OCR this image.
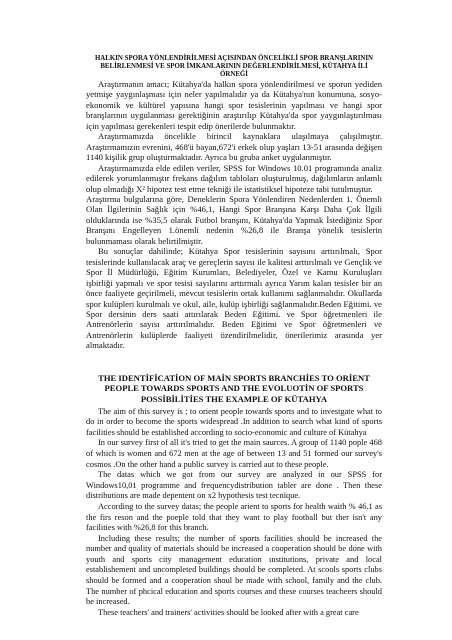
HALKIN SPORA YÖNLENDİRİLMESİ AÇISINDAN ÖNCELİKLİ SPOR BRANŞLARININ BELİRLENMESİ VE SPOR İMKANLARININ DEĞERLENDİRİLMESİ, KÜTAHYA İLİ ÖRNEĞİ

Araştırmanın amacı; Kütahya'da halkın spora yönlendirilmesi ve sporun yediden yetmişe yaygınlaşması için neler yapılmalıdır ya da Kütahya'nın konumuna, sosyo-ekonomik ve kültürel yapısına hangi spor tesislerinin yapılması ve hangi spor branşlarının uygulanması gerektiğinin araştırılıp Kütahya'da spor yaygınlaştırılması için yapılması gerekenleri tespit edip önerilerde bulunmaktır.

Araştırmamızda öncelikle birincil kaynaklara ulaşılmaya çalışılmıştır. Araştırmamızın evrenini, 468'ü bayan,672'i erkek olup yaşları 13-51 arasında değişen 1140 kişilik grup oluşturmaktadır. Ayrıca bu gruba anket uygulanmıştır.

Araştırmamızda elde edilen veriler, SPSS for Windows 10.01 programında analiz edilerek yorumlanmıştır frekans dağılım tabloları oluşturulmuş, dağılımların anlamlı olup olmadığı X² hipotez test etme tekniği ile istatistiksel hipoteze tabi tutulmuştur.

Araştırma bulgularına göre, Deneklerin Spora Yönlendiren Nedenlerden 1. Önemli Olan İlgilerinin Sağlık için %46,1, Hangi Spor Branşına Karşı Daha Çok İlgili olduklarında ise %35,5 olarak Futbol branşını, Kütahya'da Yapmak İstediğiniz Spor Branşını Engelleyen 1.önemli nedenin %26,8 ile Branşa yönelik tesislerin bulunmaması olarak belirtilmiştir.

Bu sonuçlar dahilinde; Kütahya Spor tesislerinin sayısını arttırılmalı, Spor tesislerinde kullanılacak araç ve gereçlerin sayısı ile kalitesi arttırılmalı ve Gençlik ve Spor İl Müdürlüğü, Eğitim Kurumları, Belediyeler, Özel ve Kamu Kuruluşları işbirliği yapmalı ve spor tesisi sayılarını arttırmalı ayrıca Yarım kalan tesisler bir an önce faaliyete geçirilmeli, mevcut tesislerin ortak kullanımı sağlanmalıdır. Okullarda spor kulüpleri kurulmalı ve okul, aile, kulüp işbirliği sağlanmalıdır.Beden Eğitimi. ve Spor dersinin ders saati attırılarak Beden Eğitimi. ve Spor öğretmenleri ile Antrenörlerin sayısı arttırılmalıdır. Beden Eğitimi ve Spor öğretmenleri ve Antrenörlerin kulüplerde faaliyeti özendirilmelidir, önerilerimiz arasında yer almaktadır.

THE IDENTİFİCATİON OF MAİN SPORTS BRANCHİES TO ORİENT PEOPLE TOWARDS SPORTS AND THE EVOLUOTİN OF SPORTS POSSİBİLİTİES THE EXAMPLE OF KÜTAHYA

The aim of this survey is ; to orient people towards sports and to investgate what to do in order to become the sports widespread .In addition to search what kind of sports facilities should be established according to socio-economic and culture of Kütahya

In our survey first of all it's tried to get the main saurces. A group of 1140 pople 468 of which is women and 672 men at the age of between 13 and 51 formed our survey's cosmos .On the other hand a public survey is carried aut to these people.

The datas which we got from our survey are analyzed in our SPSS for Windows10,01 programme and frequencydistribution tabler are done . Then these distributions are made depentent on x2 hypothesis test tecnique.

According to the survey datas; the people arient to sports for health waith % 46.1 as the firs reson and the poeple told that they want to play football but ther isn't any facilities with %26,8 for this branch.

Including these results; the number of sports facilities should be increased the number and quality of materials should be increased a cooperation should be done with youth and sports city management education ınstitutions, private and local establishement and uncompleted buildings should be completed. At scools sports clubs should be formed and a cooperation shoul be made with school, family and the club. The number of phcical education and sports courses and these courses teacheers should be increased.

These teachers' and trainers' activities should be looked after with a great care
